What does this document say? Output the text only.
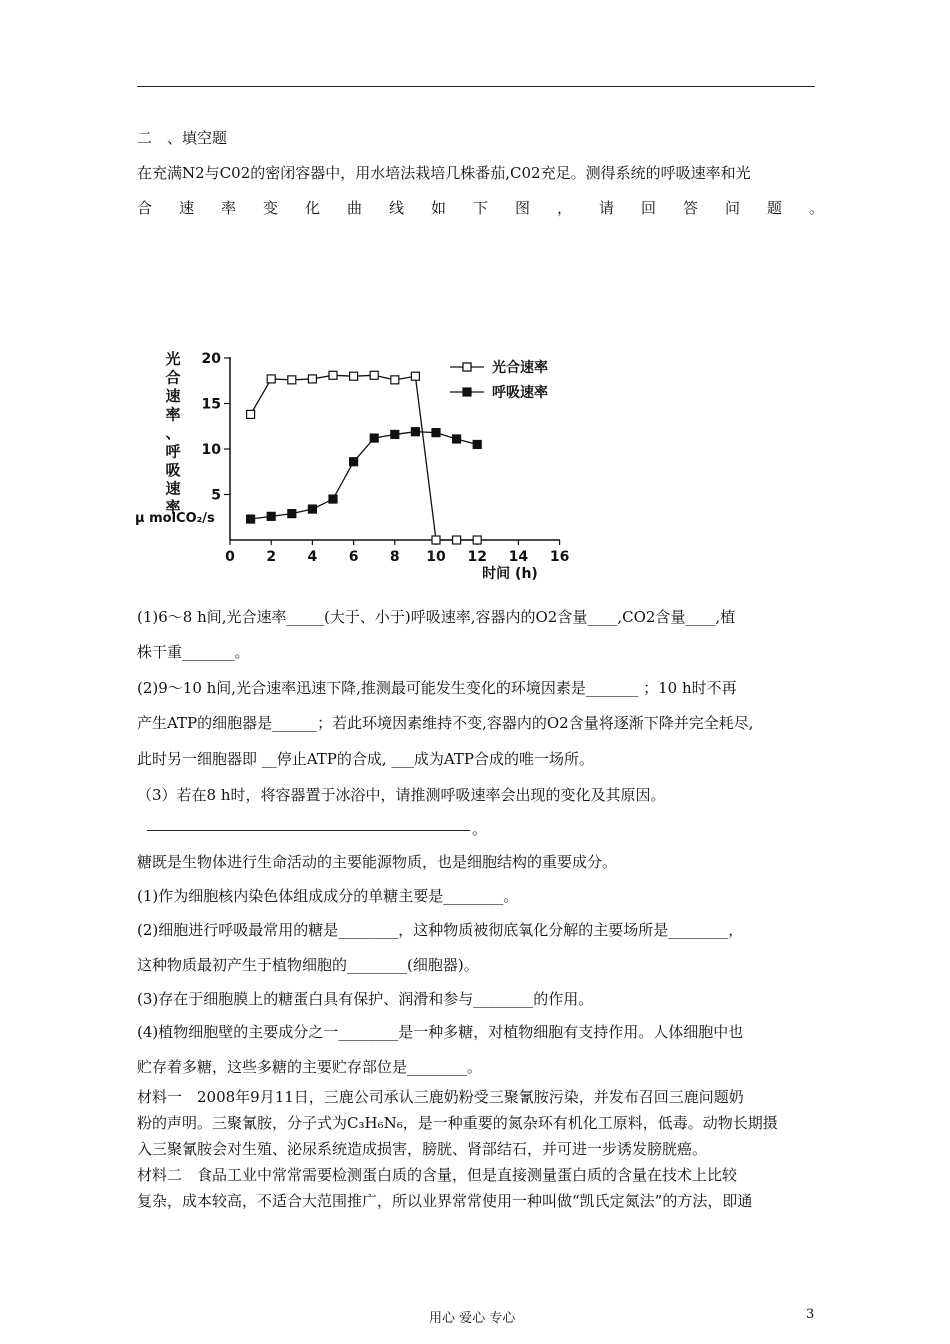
二　、填空题
在充满N2与C02的密闭容器中，用水培法栽培几株番茄,C02充足。测得系统的呼吸速率和光
合速率变化曲线如下图，请回答问题。
光
合
速
率
、
呼
吸
速
率
μ molCO₂/s
0 2 4 6 8 10 12 14 16
5
10
15
20
光合速率
呼吸速率
时间 (h)
(1)6～8 h间,光合速率_____(大于、小于)呼吸速率,容器内的O2含量____,CO2含量____,植
株干重_______。
(2)9～10 h间,光合速率迅速下降,推测最可能发生变化的环境因素是_______ ；10 h时不再
产生ATP的细胞器是______；若此环境因素维持不变,容器内的O2含量将逐渐下降并完全耗尽,
此时另一细胞器即 __停止ATP的合成, ___成为ATP合成的唯一场所。
（3）若在8 h时，将容器置于冰浴中，请推测呼吸速率会出现的变化及其原因。
。
糖既是生物体进行生命活动的主要能源物质，也是细胞结构的重要成分。
(1)作为细胞核内染色体组成成分的单糖主要是________。
(2)细胞进行呼吸最常用的糖是________，这种物质被彻底氧化分解的主要场所是________，
这种物质最初产生于植物细胞的________(细胞器)。
(3)存在于细胞膜上的糖蛋白具有保护、润滑和参与________的作用。
(4)植物细胞壁的主要成分之一________是一种多糖，对植物细胞有支持作用。人体细胞中也
贮存着多糖，这些多糖的主要贮存部位是________。
材料一　2008年9月11日，三鹿公司承认三鹿奶粉受三聚氰胺污染，并发布召回三鹿问题奶
粉的声明。三聚氰胺，分子式为C₃H₆N₆，是一种重要的氮杂环有机化工原料，低毒。动物长期摄
入三聚氰胺会对生殖、泌尿系统造成损害，膀胱、肾部结石，并可进一步诱发膀胱癌。
材料二　食品工业中常常需要检测蛋白质的含量，但是直接测量蛋白质的含量在技术上比较
复杂，成本较高，不适合大范围推广，所以业界常常使用一种叫做“凯氏定氮法”的方法，即通
用心 爱心 专心	3
